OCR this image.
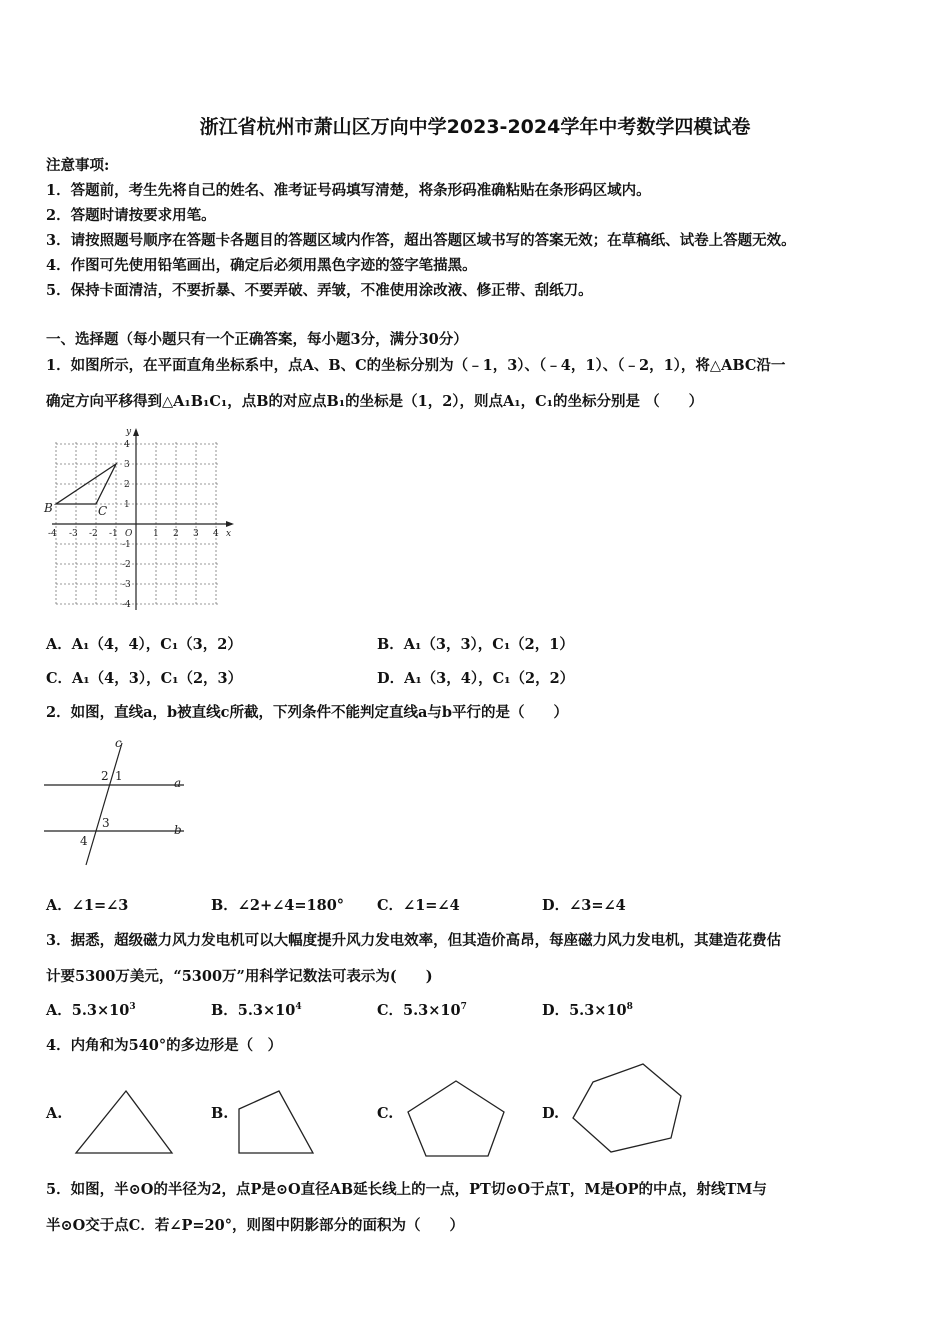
浙江省杭州市萧山区万向中学2023-2024学年中考数学四模试卷
注意事项:
1．答题前，考生先将自己的姓名、准考证号码填写清楚，将条形码准确粘贴在条形码区域内。
2．答题时请按要求用笔。
3．请按照题号顺序在答题卡各题目的答题区域内作答，超出答题区域书写的答案无效；在草稿纸、试卷上答题无效。
4．作图可先使用铅笔画出，确定后必须用黑色字迹的签字笔描黑。
5．保持卡面清洁，不要折暴、不要弄破、弄皱，不准使用涂改液、修正带、刮纸刀。
一、选择题（每小题只有一个正确答案，每小题3分，满分30分）
1．如图所示，在平面直角坐标系中，点A、B、C的坐标分别为（﹣1，3）、（﹣4，1）、（﹣2，1），将△ABC沿一
确定方向平移得到△A₁B₁C₁，点B的对应点B₁的坐标是（1，2），则点A₁，C₁的坐标分别是 （　　）
-4 -3 -2 -1 O 1 2 3 4 x
y
4
3
2
1
-1
-2
-3
-4
B	C
A．A₁（4，4），C₁（3，2）	B．A₁（3，3），C₁（2，1）
C．A₁（4，3），C₁（2，3）	D．A₁（3，4），C₁（2，2）
2．如图，直线a，b被直线c所截，下列条件不能判定直线a与b平行的是（　　）
c
a
b
1
2
3
4
A．∠1=∠3	B．∠2+∠4=180° C．∠1=∠4	D．∠3=∠4
3．据悉，超级磁力风力发电机可以大幅度提升风力发电效率，但其造价高昂，每座磁力风力发电机，其建造花费估
计要5300万美元，“5300万”用科学记数法可表示为(　　)
A．$5.3\times 10^3$	B．$5.3\times 10^4$	C．$5.3\times 10^7$	D．$5.3\times 10^8$
4．内角和为540°的多边形是（　）
A.	B.	C.	D.
5．如图，半⊙O的半径为2，点P是⊙O直径AB延长线上的一点，PT切⊙O于点T，M是OP的中点，射线TM与
半⊙O交于点C．若∠P=20°，则图中阴影部分的面积为（　　）
